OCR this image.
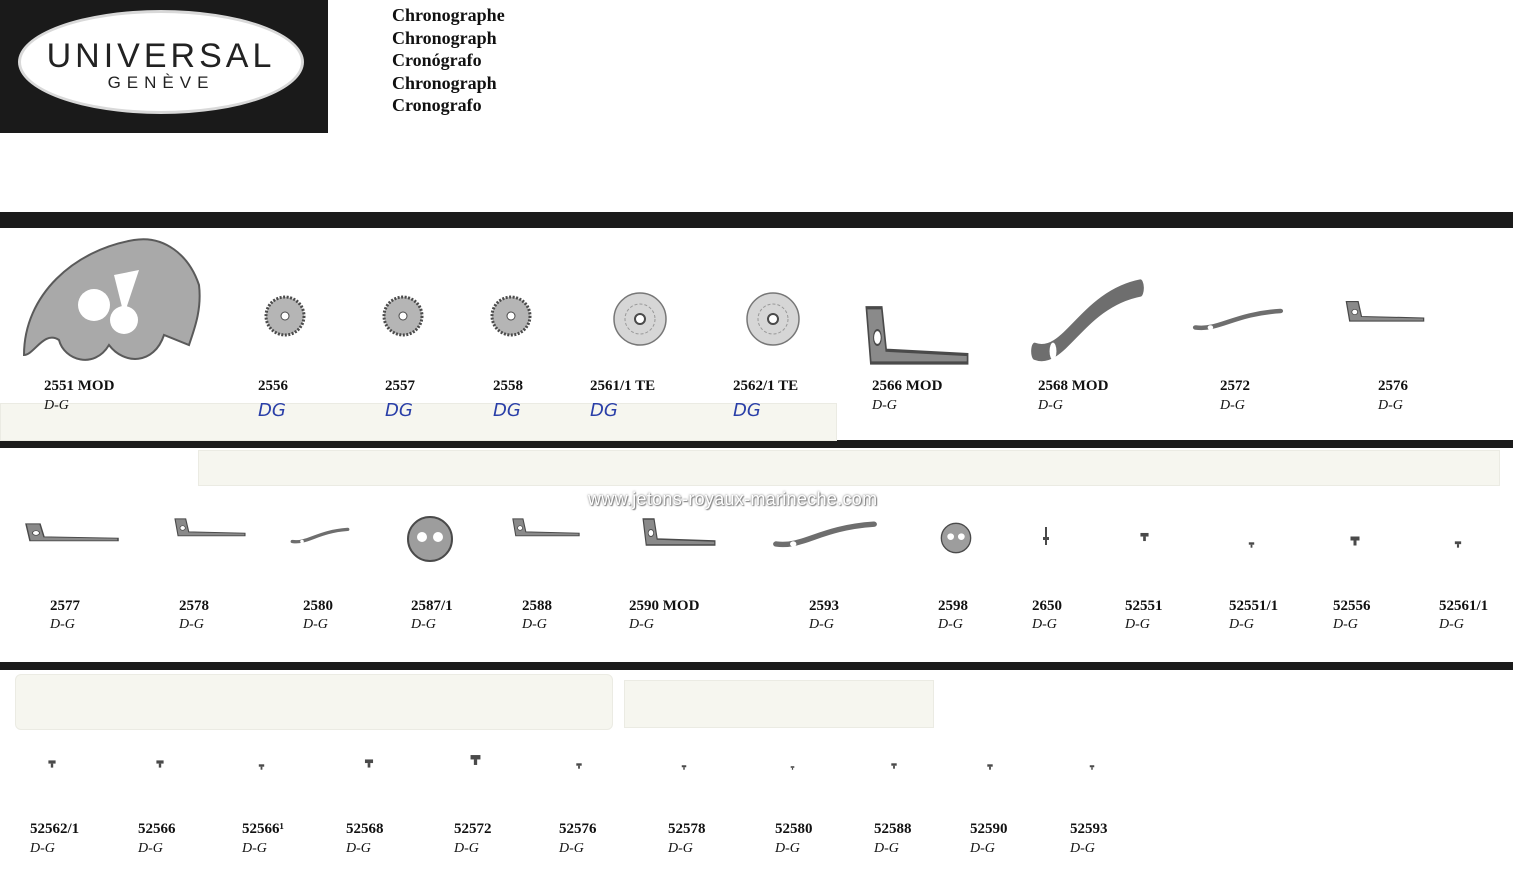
UNIVERSAL
GENÈVE
Chronographe
Chronograph
Cronógrafo
Chronograph
Cronografo
2551 MOD
D-G
2556
DG
2557
DG
2558
DG
2561/1 TE
DG
2562/1 TE
DG
2566 MOD
D-G
2568 MOD
D-G
2572
D-G
2576
D-G
2577
D-G
2578
D-G
2580
D-G
2587/1
D-G
2588
D-G
2590 MOD
D-G
2593
D-G
2598
D-G
2650
D-G
52551
D-G
52551/1
D-G
52556
D-G
52561/1
D-G
52562/1
D-G
52566
D-G
52566¹
D-G
52568
D-G
52572
D-G
52576
D-G
52578
D-G
52580
D-G
52588
D-G
52590
D-G
52593
D-G
www.jetons-royaux-marineche.com
